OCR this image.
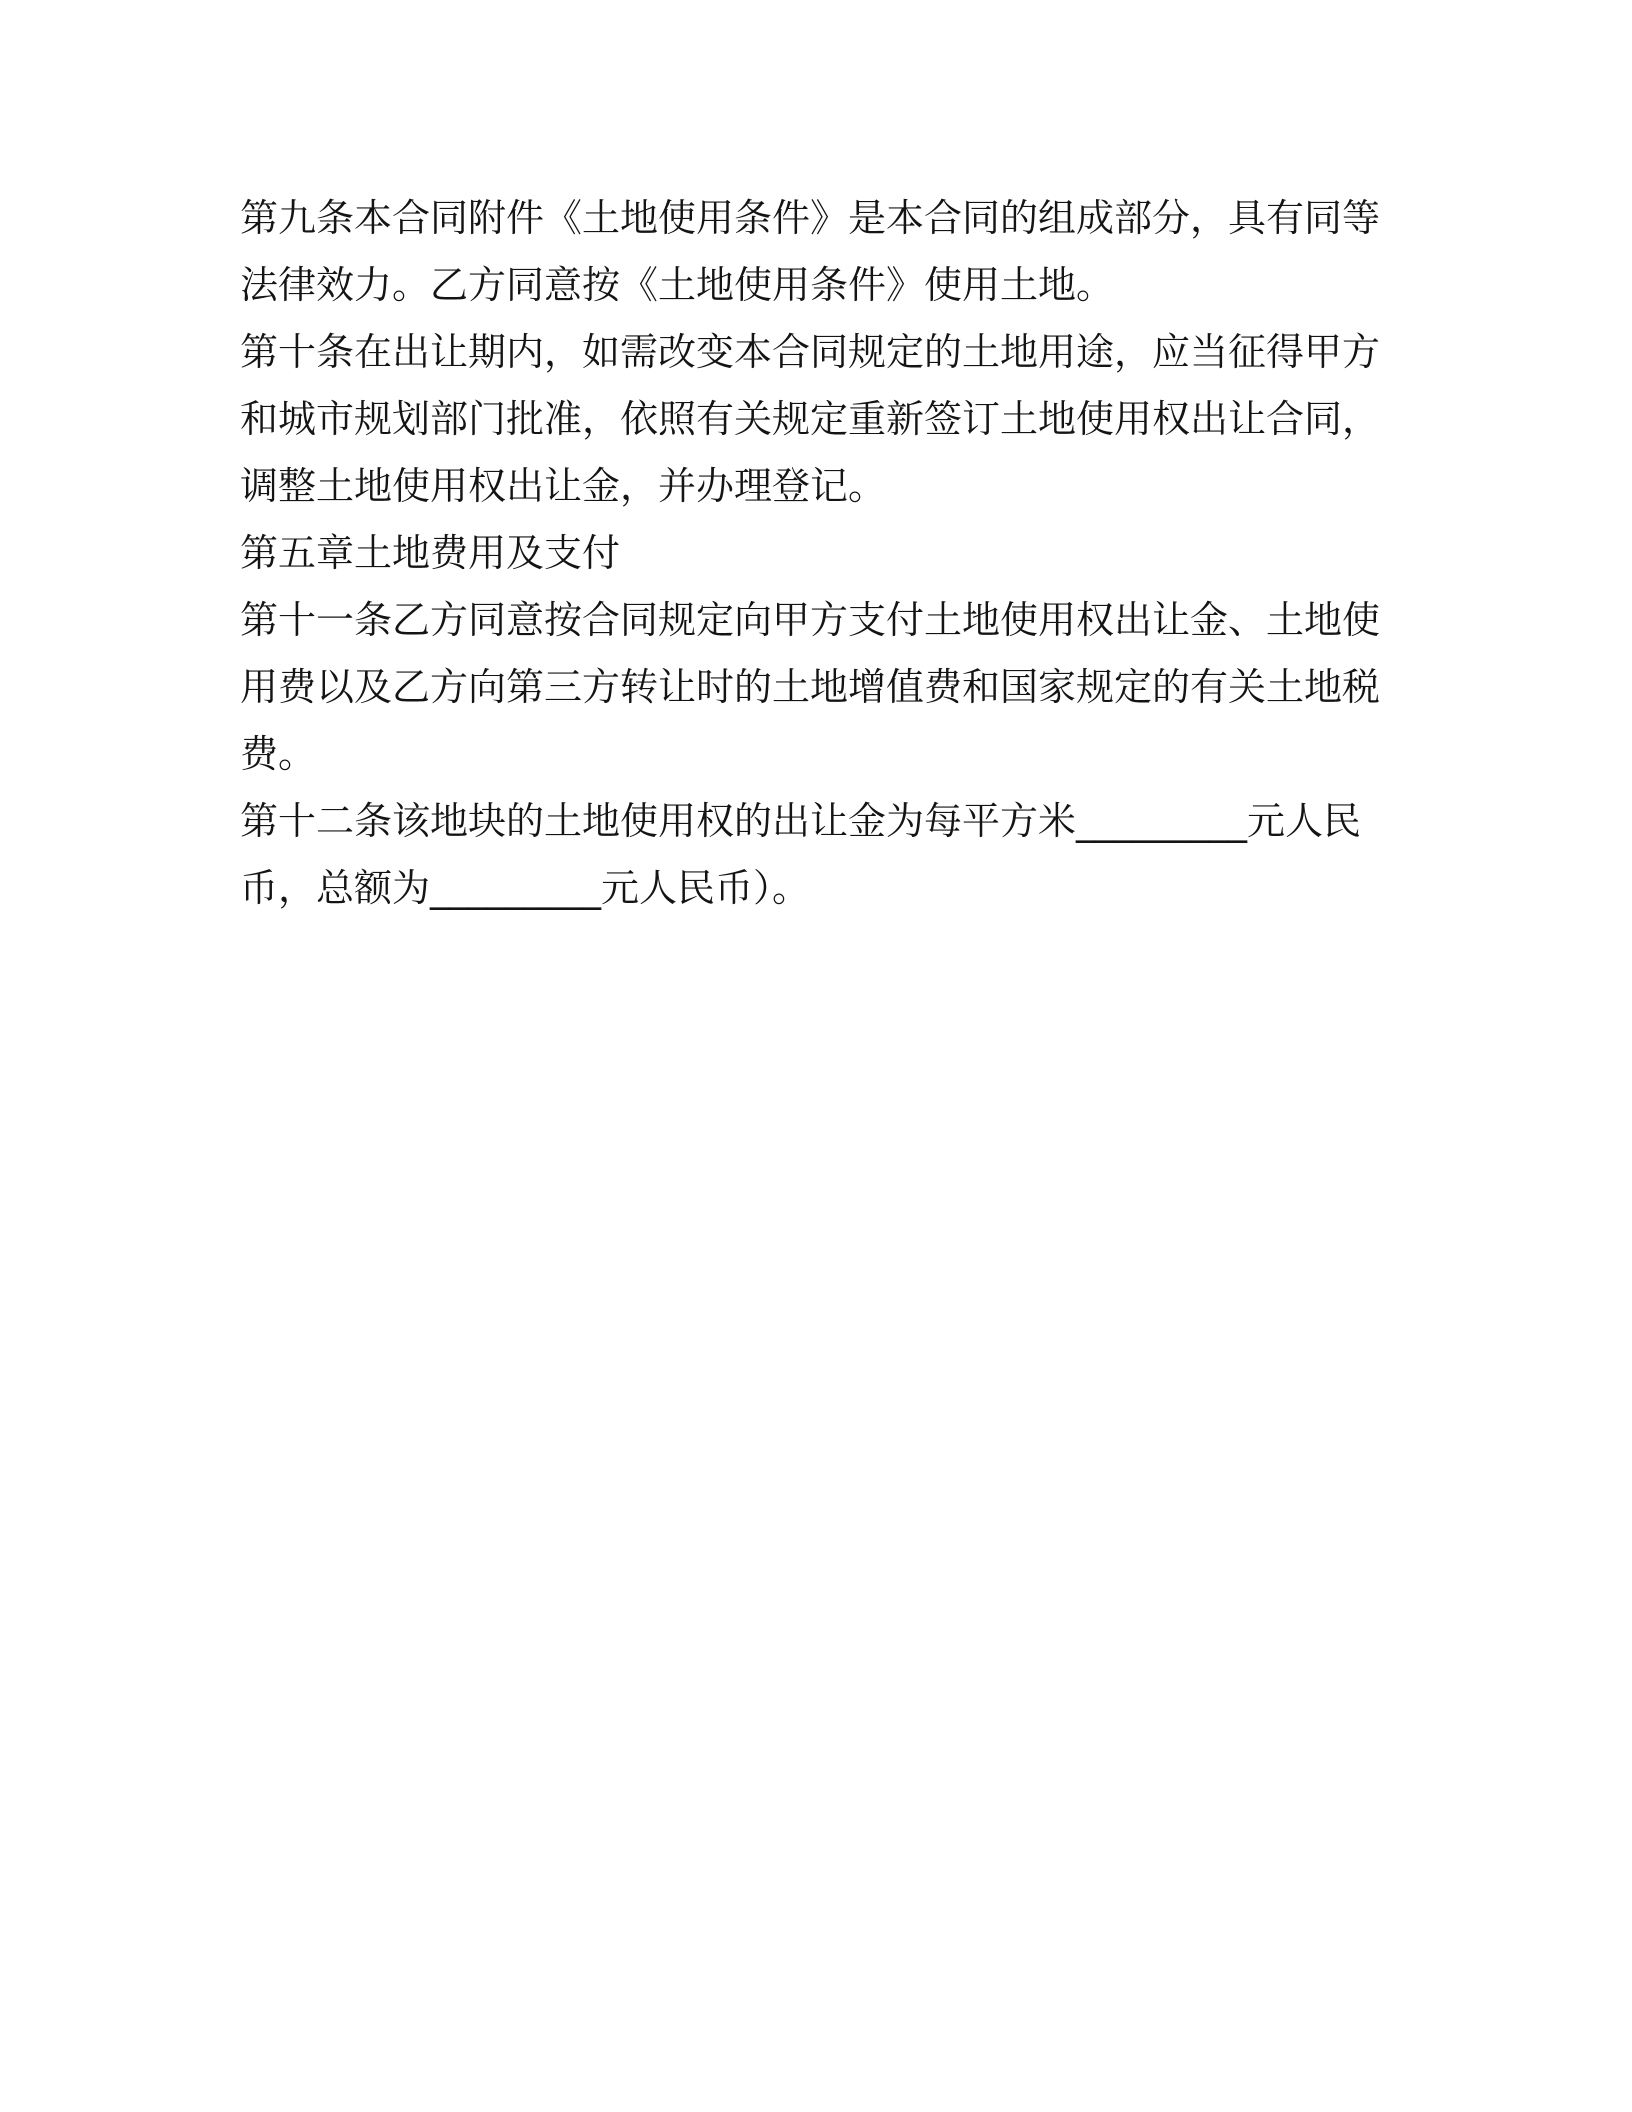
第九条本合同附件《土地使用条件》是本合同的组成部分，具有同等
法律效力。乙方同意按《土地使用条件》使用土地。
第十条在出让期内，如需改变本合同规定的土地用途，应当征得甲方
和城市规划部门批准，依照有关规定重新签订土地使用权出让合同，
调整土地使用权出让金，并办理登记。
第五章土地费用及支付
第十一条乙方同意按合同规定向甲方支付土地使用权出让金、土地使
用费以及乙方向第三方转让时的土地增值费和国家规定的有关土地税
费。
第十二条该地块的土地使用权的出让金为每平方米_________元人民
币，总额为_________元人民币）。
